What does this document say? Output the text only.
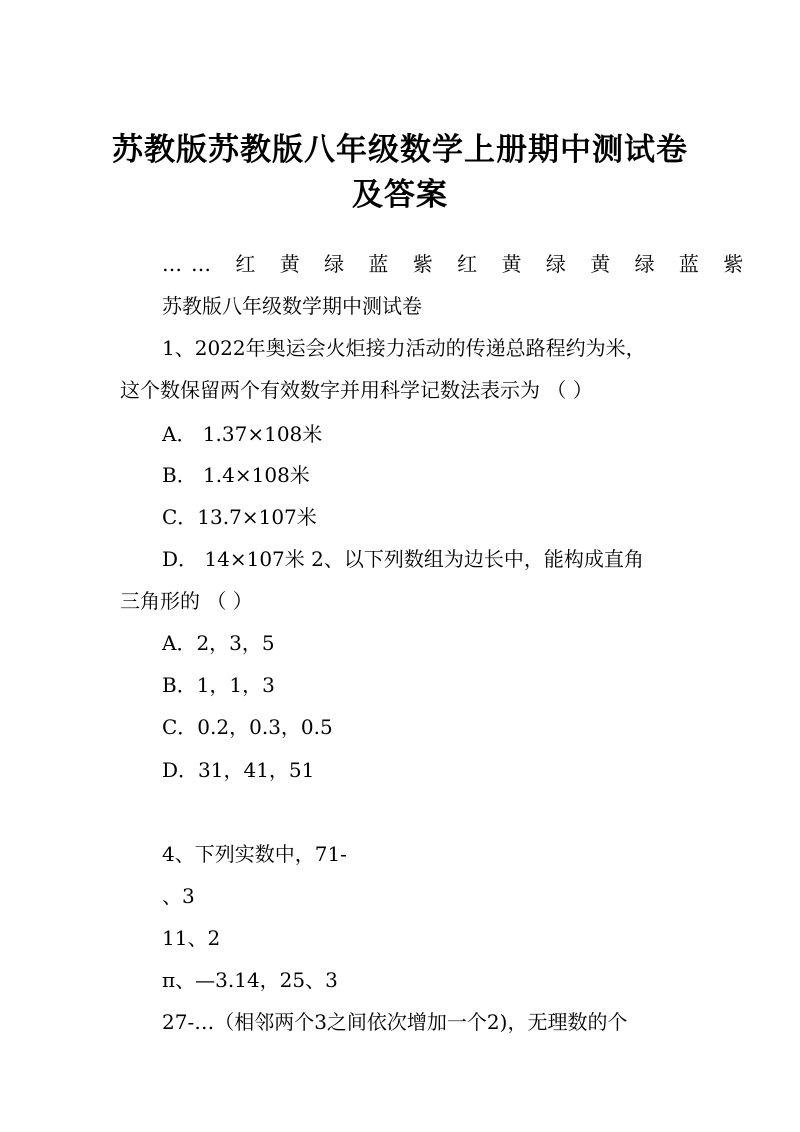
苏教版苏教版八年级数学上册期中测试卷
及答案
…… 红 黄 绿 蓝 紫 红 黄 绿 黄 绿 蓝 紫
苏教版八年级数学期中测试卷
1、2022年奥运会火炬接力活动的传递总路程约为米，
这个数保留两个有效数字并用科学记数法表示为 （ ）
A． 1.37×108米
B． 1.4×108米
C．13.7×107米
D． 14×107米 2、以下列数组为边长中，能构成直角
三角形的 （ ）
A．2，3，5
B．1，1，3
C．0.2，0.3，0.5
D．31，41，51
4、下列实数中，71-
、3
11、2
π、—3.14，25、3
27-…（相邻两个3之间依次增加一个2)，无理数的个
